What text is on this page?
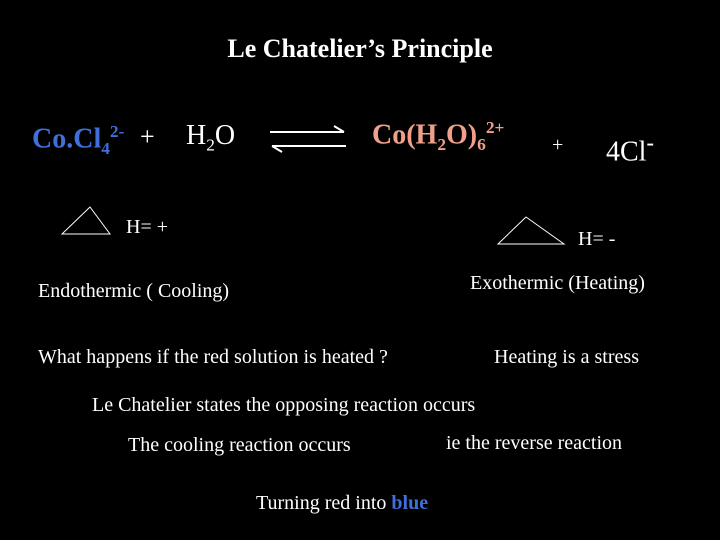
Le Chatelier’s Principle
$Co.Cl_4^{2-} + H_2O$	$Co(H_2O)_6^{2+}$
+ 4Cl-
H= +
H= -
Endothermic ( Cooling)	Exothermic (Heating)
What happens if the red solution is heated ?	Heating is a stress
Le Chatelier states the opposing reaction occurs
The cooling reaction occurs	ie the reverse reaction
Turning red into blue
